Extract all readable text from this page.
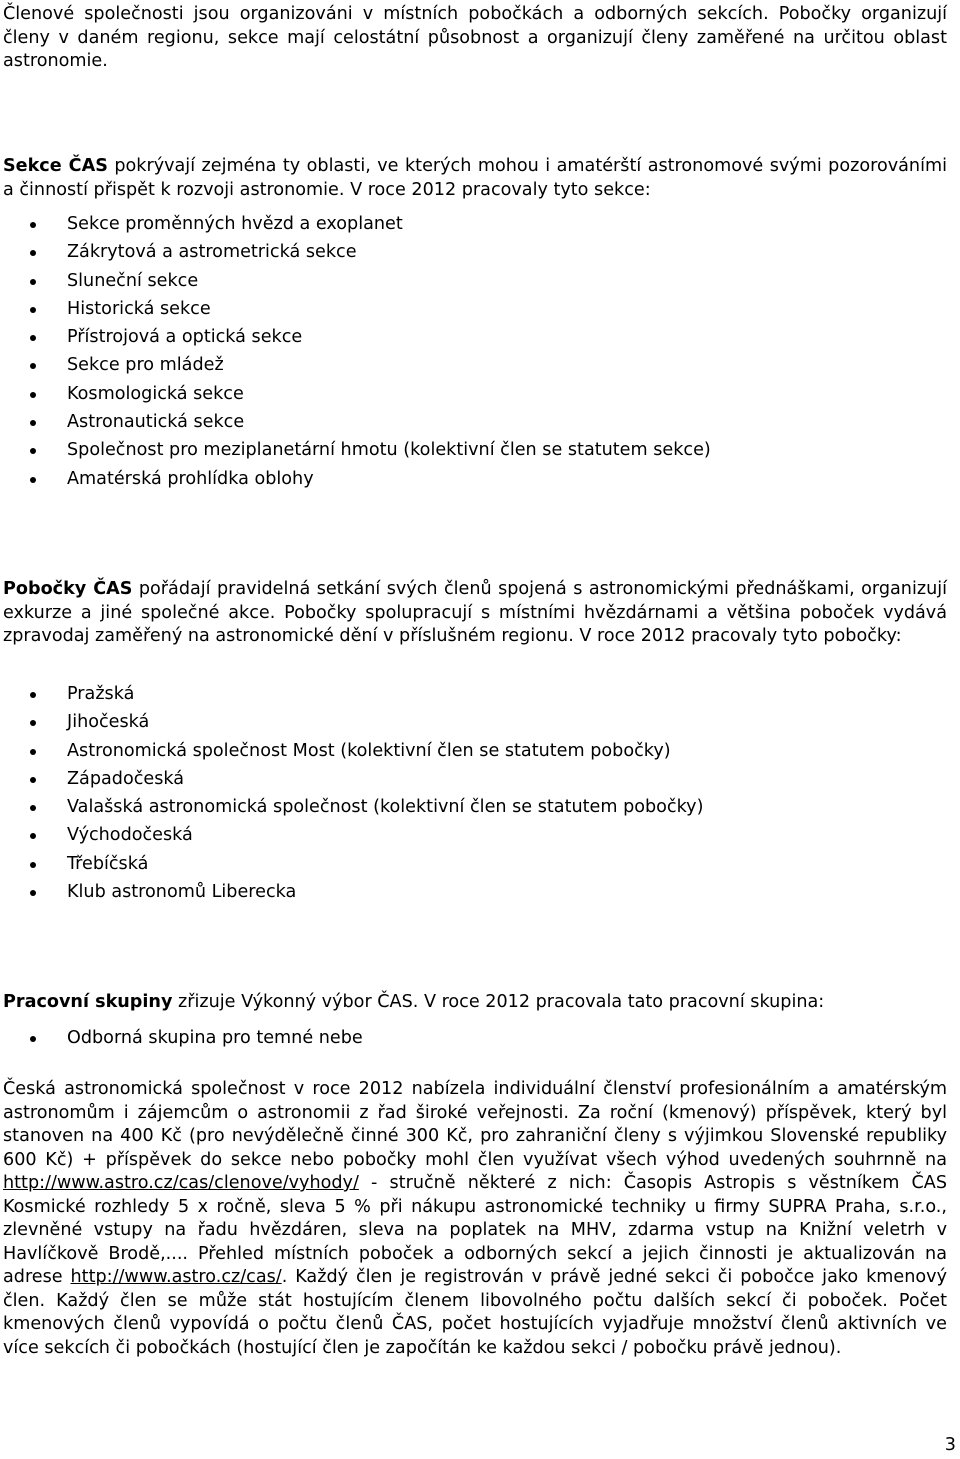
Členové společnosti jsou organizováni v místních pobočkách a odborných sekcích. Pobočky organizují členy v daném regionu, sekce mají celostátní působnost a organizují členy zaměřené na určitou oblast astronomie.

Sekce ČAS pokrývají zejména ty oblasti, ve kterých mohou i amatérští astronomové svými pozorováními a činností přispět k rozvoji astronomie. V roce 2012 pracovaly tyto sekce:

Sekce proměnných hvězd a exoplanet
Zákrytová a astrometrická sekce
Sluneční sekce
Historická sekce
Přístrojová a optická sekce
Sekce pro mládež
Kosmologická sekce
Astronautická sekce
Společnost pro meziplanetární hmotu (kolektivní člen se statutem sekce)
Amatérská prohlídka oblohy

Pobočky ČAS pořádají pravidelná setkání svých členů spojená s astronomickými přednáškami, organizují exkurze a jiné společné akce. Pobočky spolupracují s místními hvězdárnami a většina poboček vydává zpravodaj zaměřený na astronomické dění v příslušném regionu. V roce 2012 pracovaly tyto pobočky:

Pražská
Jihočeská
Astronomická společnost Most (kolektivní člen se statutem pobočky)
Západočeská
Valašská astronomická společnost (kolektivní člen se statutem pobočky)
Východočeská
Třebíčská
Klub astronomů Liberecka

Pracovní skupiny zřizuje Výkonný výbor ČAS. V roce 2012 pracovala tato pracovní skupina:

Odborná skupina pro temné nebe

Česká astronomická společnost v roce 2012 nabízela individuální členství profesionálním a amatérským astronomům i zájemcům o astronomii z řad široké veřejnosti. Za roční (kmenový) příspěvek, který byl stanoven na 400 Kč (pro nevýdělečně činné 300 Kč, pro zahraniční členy s výjimkou Slovenské republiky 600 Kč) + příspěvek do sekce nebo pobočky mohl člen využívat všech výhod uvedených souhrnně na http://www.astro.cz/cas/clenove/vyhody/ - stručně některé z nich: Časopis Astropis s věstníkem ČAS Kosmické rozhledy 5 x ročně, sleva 5 % při nákupu astronomické techniky u firmy SUPRA Praha, s.r.o., zlevněné vstupy na řadu hvězdáren, sleva na poplatek na MHV, zdarma vstup na Knižní veletrh v Havlíčkově Brodě,.... Přehled místních poboček a odborných sekcí a jejich činnosti je aktualizován na adrese http://www.astro.cz/cas/. Každý člen je registrován v právě jedné sekci či pobočce jako kmenový člen. Každý člen se může stát hostujícím členem libovolného počtu dalších sekcí či poboček. Počet kmenových členů vypovídá o počtu členů ČAS, počet hostujících vyjadřuje množství členů aktivních ve více sekcích či pobočkách (hostující člen je započítán ke každou sekci / pobočku právě jednou).

3
